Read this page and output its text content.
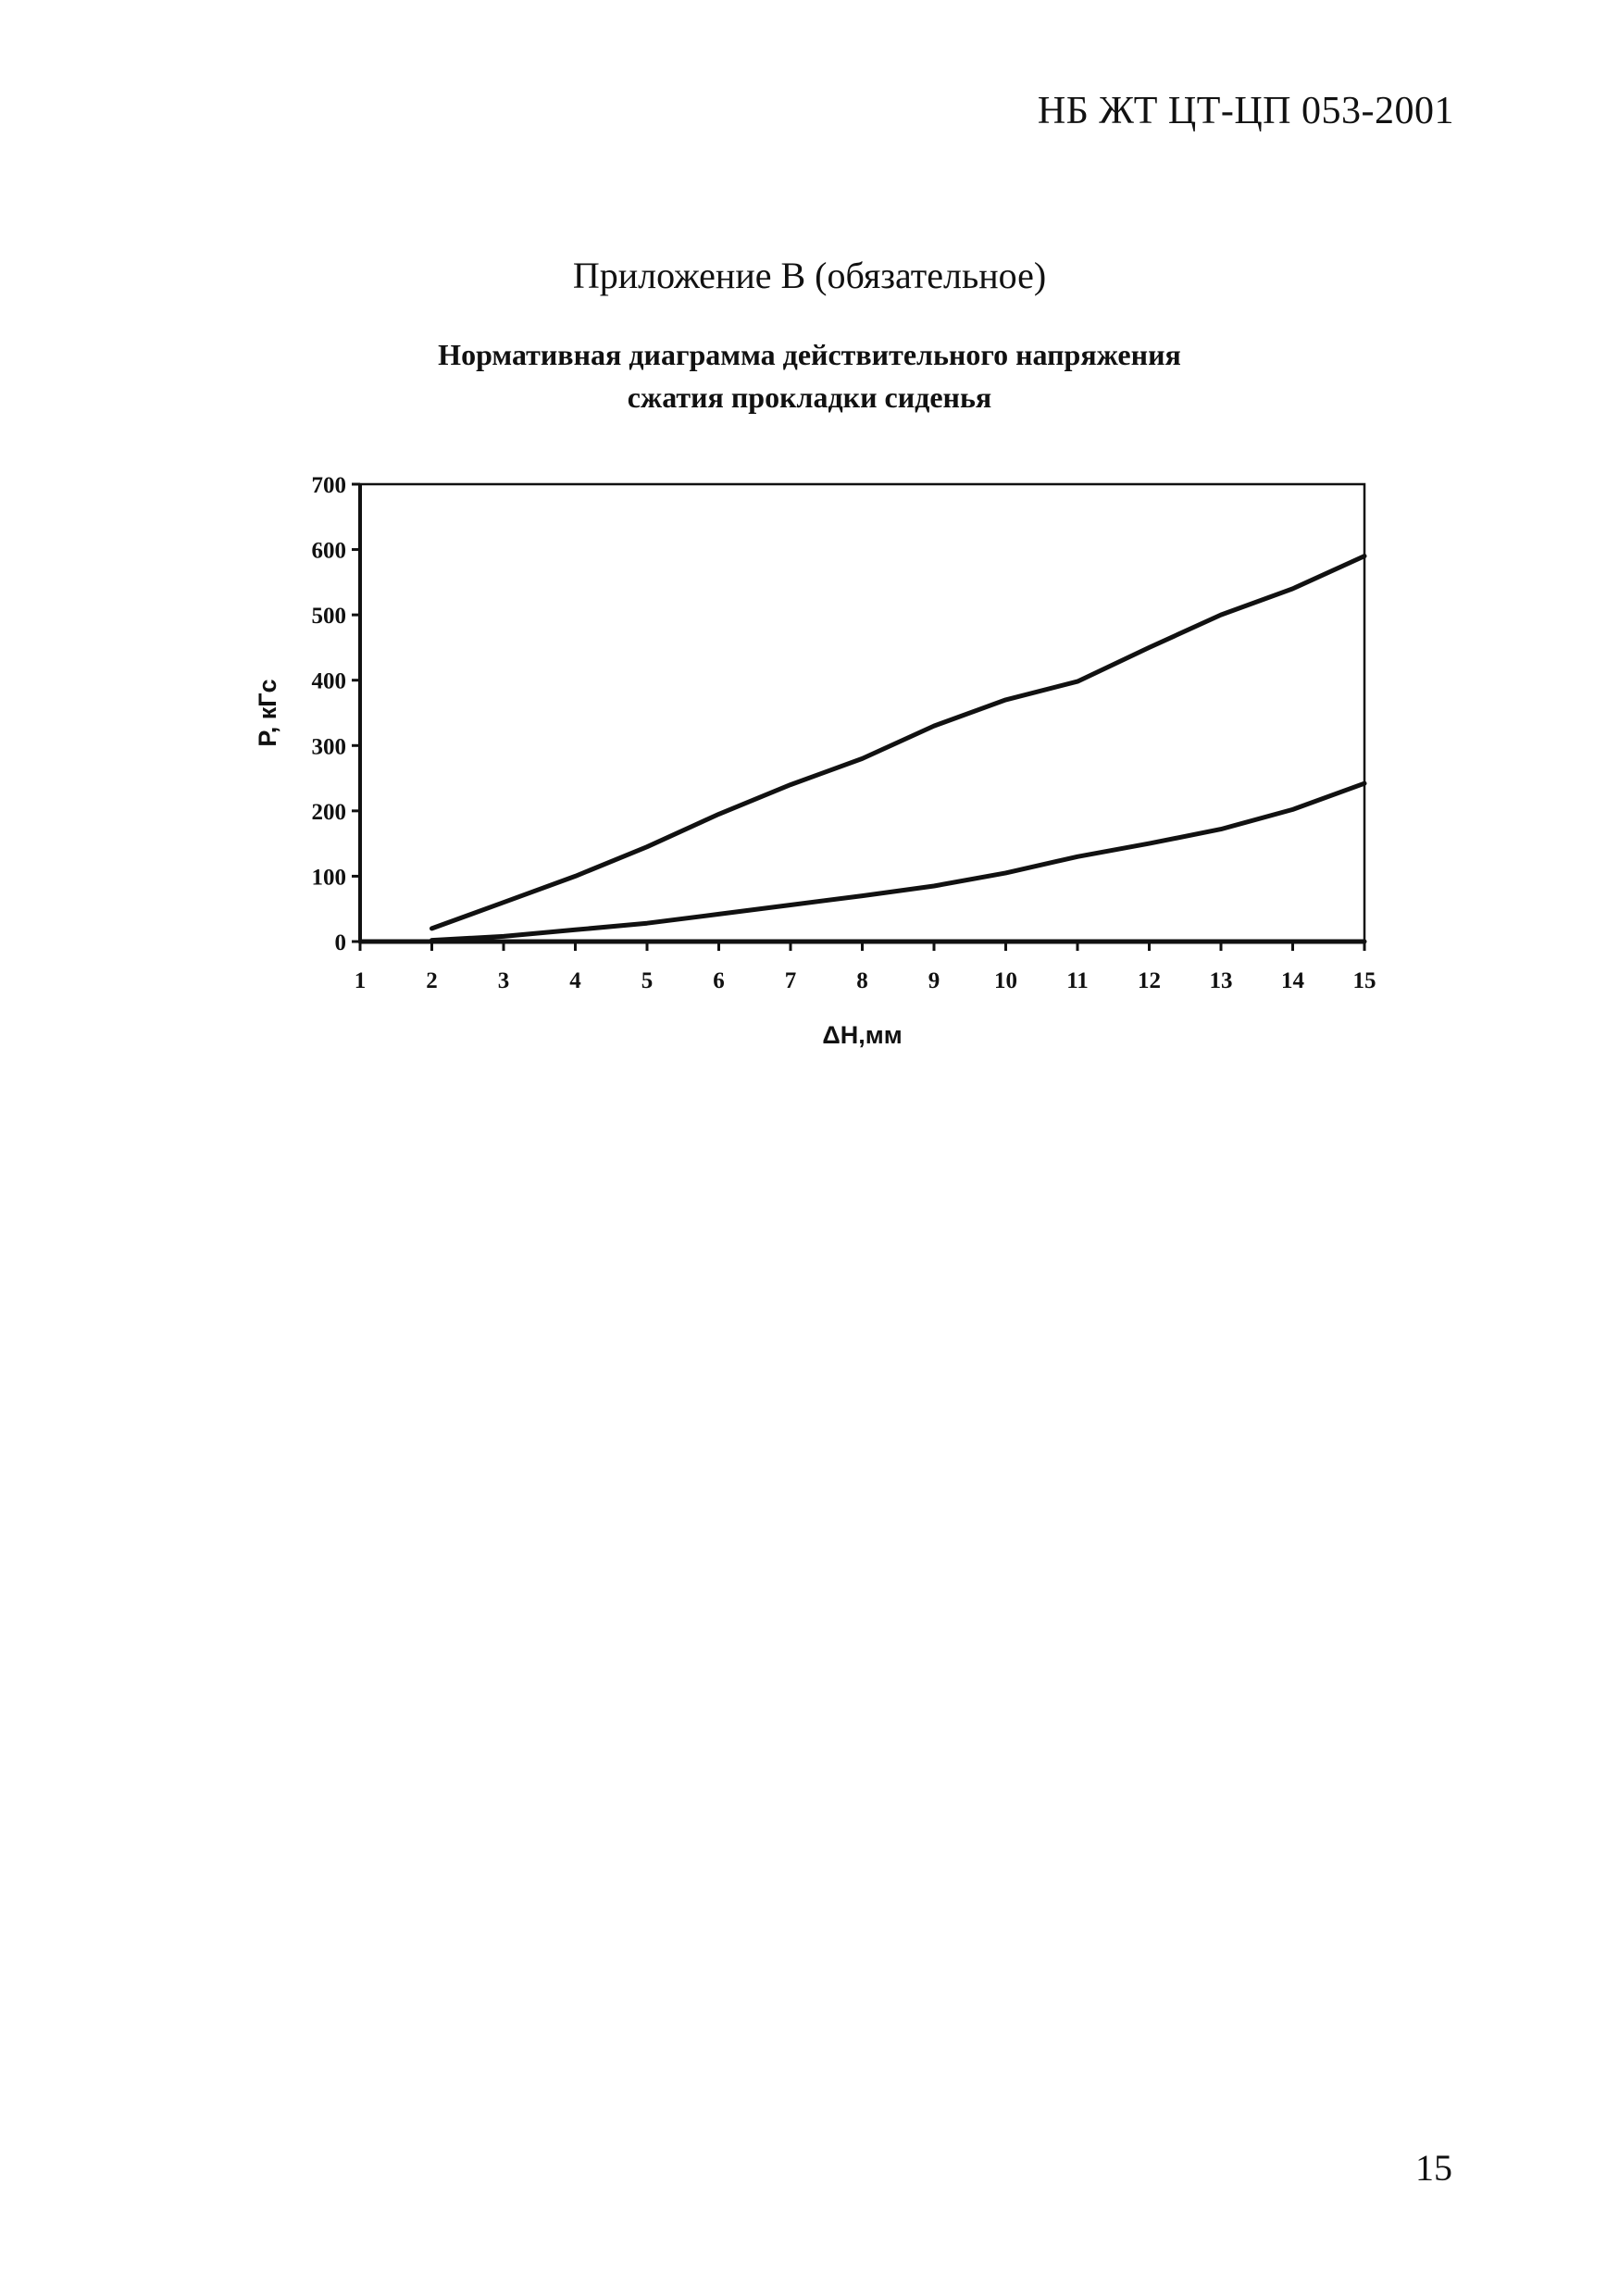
НБ ЖТ ЦТ-ЦП 053-2001
Приложение В (обязательное)
Нормативная диаграмма действительного напряжения
сжатия прокладки сиденья
0
100
200
300
400
500
600
700
1	2	3	4	5	6	7	8	9 10 11 12 13 14 15
ΔН,мм
Р, кГс
15
